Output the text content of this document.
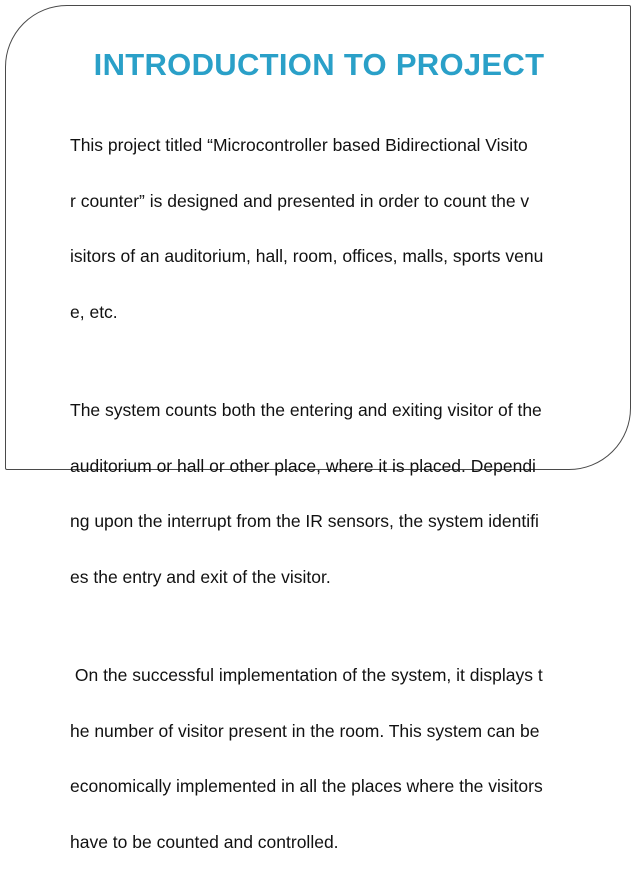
INTRODUCTION TO PROJECT

This project titled “Microcontroller based Bidirectional Visito

r counter” is designed and presented in order to count the v

isitors of an auditorium, hall, room, offices, malls, sports venu

e, etc.

The system counts both the entering and exiting visitor of the

auditorium or hall or other place, where it is placed. Dependi

ng upon the interrupt from the IR sensors, the system identifi

es the entry and exit of the visitor.

On the successful implementation of the system, it displays t

he number of visitor present in the room. This system can be

economically implemented in all the places where the visitors

have to be counted and controlled.
